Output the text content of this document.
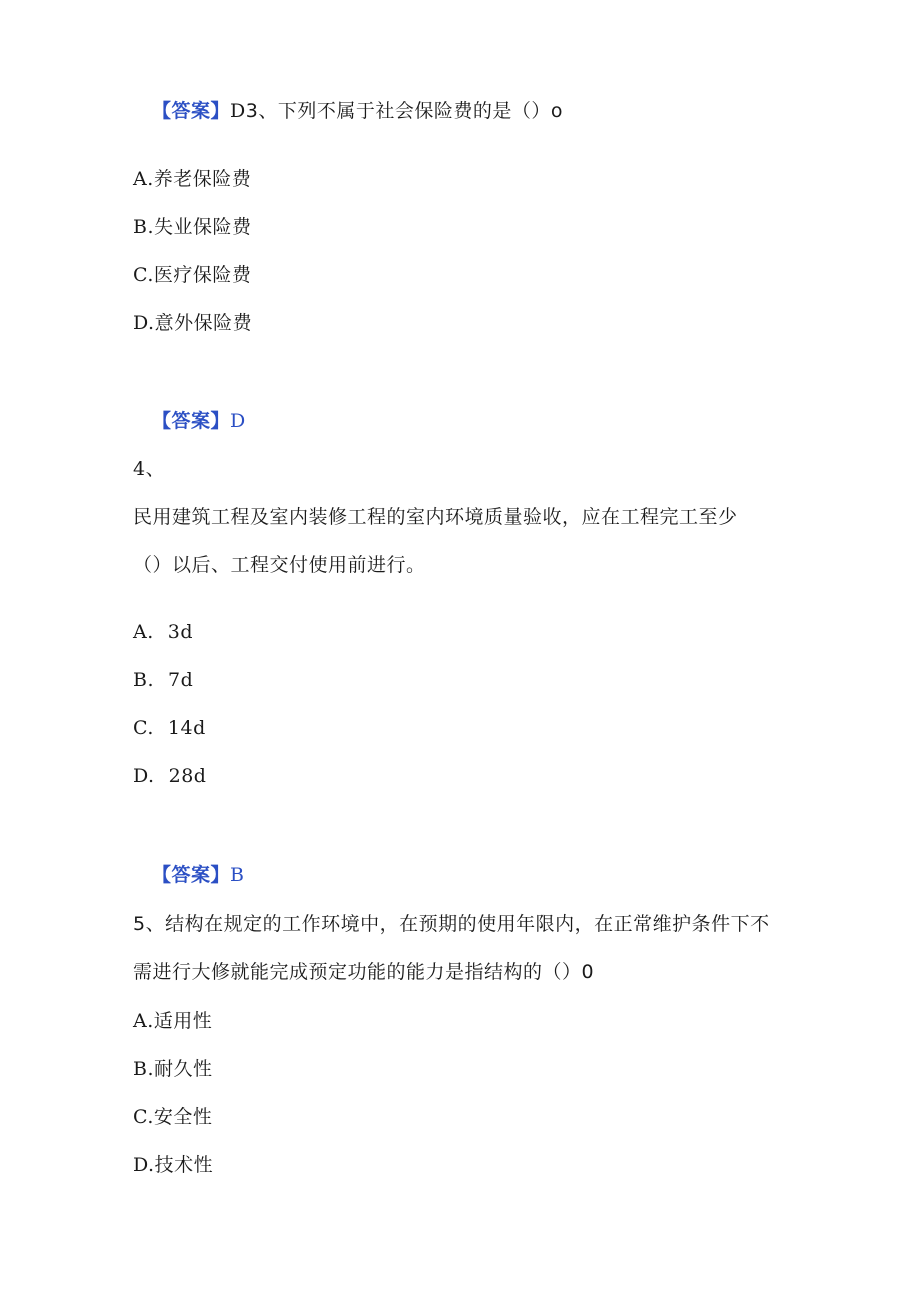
【答案】D3、下列不属于社会保险费的是（）o
A.养老保险费
B.失业保险费
C.医疗保险费
D.意外保险费
【答案】D
4、
民用建筑工程及室内装修工程的室内环境质量验收，应在工程完工至少
（）以后、工程交付使用前进行。
A. 3d
B. 7d
C. 14d
D. 28d
【答案】B
5、结构在规定的工作环境中，在预期的使用年限内，在正常维护条件下不
需进行大修就能完成预定功能的能力是指结构的（）0
A.适用性
B.耐久性
C.安全性
D.技术性
